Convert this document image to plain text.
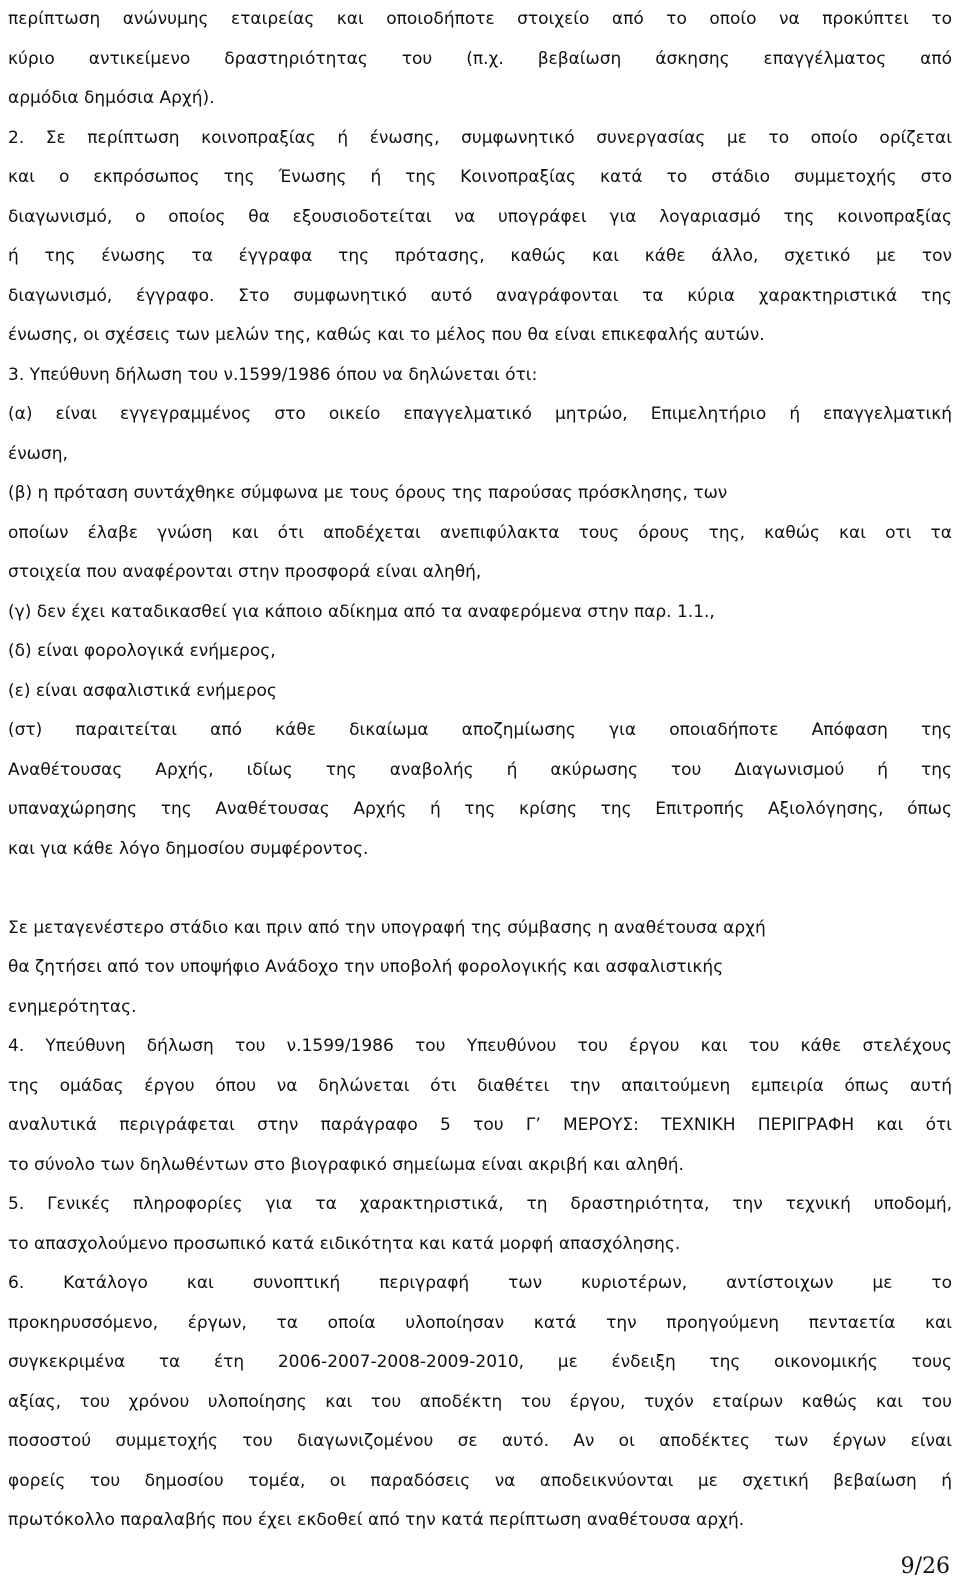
περίπτωση ανώνυμης εταιρείας και οποιοδήποτε στοιχείο από το οποίο να προκύπτει το
κύριο αντικείμενο δραστηριότητας του (π.χ. βεβαίωση άσκησης επαγγέλματος από
αρμόδια δημόσια Αρχή).
2. Σε περίπτωση κοινοπραξίας ή ένωσης, συμφωνητικό συνεργασίας με το οποίο ορίζεται
και ο εκπρόσωπος της Ένωσης ή της Κοινοπραξίας κατά το στάδιο συμμετοχής στο
διαγωνισμό, ο οποίος θα εξουσιοδοτείται να υπογράφει για λογαριασμό της κοινοπραξίας
ή της ένωσης τα έγγραφα της πρότασης, καθώς και κάθε άλλο, σχετικό με τον
διαγωνισμό, έγγραφο. Στο συμφωνητικό αυτό αναγράφονται τα κύρια χαρακτηριστικά της
ένωσης, οι σχέσεις των μελών της, καθώς και το μέλος που θα είναι επικεφαλής αυτών.
3. Υπεύθυνη δήλωση του ν.1599/1986 όπου να δηλώνεται ότι:
(α) είναι εγγεγραμμένος στο οικείο επαγγελματικό μητρώο, Επιμελητήριο ή επαγγελματική
ένωση,
(β) η πρόταση συντάχθηκε σύμφωνα με τους όρους της παρούσας πρόσκλησης, των
οποίων έλαβε γνώση και ότι αποδέχεται ανεπιφύλακτα τους όρους της, καθώς και οτι τα
στοιχεία που αναφέρονται στην προσφορά είναι αληθή,
(γ) δεν έχει καταδικασθεί για κάποιο αδίκημα από τα αναφερόμενα στην παρ. 1.1.,
(δ) είναι φορολογικά ενήμερος,
(ε) είναι ασφαλιστικά ενήμερος
(στ) παραιτείται από κάθε δικαίωμα αποζημίωσης για οποιαδήποτε Απόφαση της
Αναθέτουσας Αρχής, ιδίως της αναβολής ή ακύρωσης του Διαγωνισμού ή της
υπαναχώρησης της Αναθέτουσας Αρχής ή της κρίσης της Επιτροπής Αξιολόγησης, όπως
και για κάθε λόγο δημοσίου συμφέροντος.
Σε μεταγενέστερο στάδιο και πριν από την υπογραφή της σύμβασης η αναθέτουσα αρχή
θα ζητήσει από τον υποψήφιο Ανάδοχο την υποβολή φορολογικής και ασφαλιστικής
ενημερότητας.
4. Υπεύθυνη δήλωση του ν.1599/1986 του Υπευθύνου του έργου και του κάθε στελέχους
της ομάδας έργου όπου να δηλώνεται ότι διαθέτει την απαιτούμενη εμπειρία όπως αυτή
αναλυτικά περιγράφεται στην παράγραφο 5 του Γ’ ΜΕΡΟΥΣ: ΤΕΧΝΙΚΗ ΠΕΡΙΓΡΑΦΗ και ότι
το σύνολο των δηλωθέντων στο βιογραφικό σημείωμα είναι ακριβή και αληθή.
5. Γενικές πληροφορίες για τα χαρακτηριστικά, τη δραστηριότητα, την τεχνική υποδομή,
το απασχολούμενο προσωπικό κατά ειδικότητα και κατά μορφή απασχόλησης.
6. Κατάλογο και συνοπτική περιγραφή των κυριοτέρων, αντίστοιχων με το
προκηρυσσόμενο, έργων, τα οποία υλοποίησαν κατά την προηγούμενη πενταετία και
συγκεκριμένα τα έτη 2006-2007-2008-2009-2010, με ένδειξη της οικονομικής τους
αξίας, του χρόνου υλοποίησης και του αποδέκτη του έργου, τυχόν εταίρων καθώς και του
ποσοστού συμμετοχής του διαγωνιζομένου σε αυτό. Αν οι αποδέκτες των έργων είναι
φορείς του δημοσίου τομέα, οι παραδόσεις να αποδεικνύονται με σχετική βεβαίωση ή
πρωτόκολλο παραλαβής που έχει εκδοθεί από την κατά περίπτωση αναθέτουσα αρχή.
9/26
